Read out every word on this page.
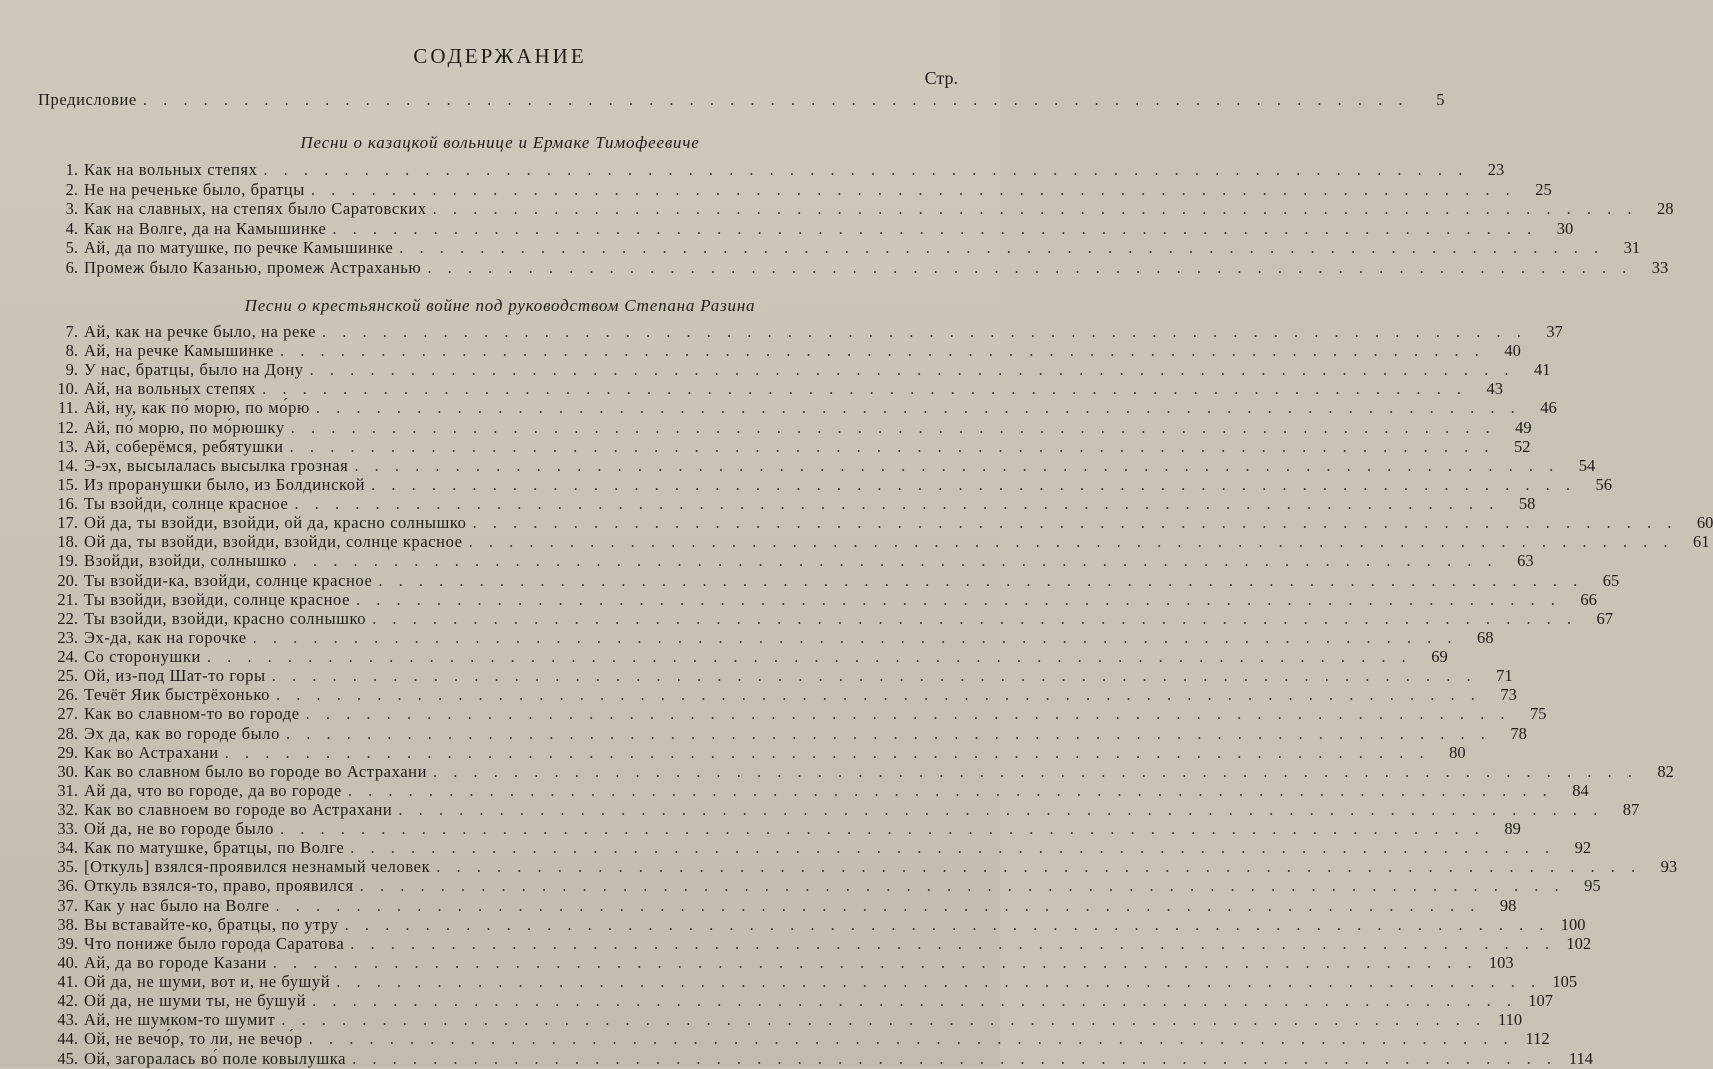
СОДЕРЖАНИЕ
Стр.
Предисловие . . . . . . . . . . . . . . . . . . . . . . . . . . . . . . . . . . . . . . . . . . . . . . . . . . . . . . . . . . . . . . .	5
Песни о казацкой вольнице и Ермаке Тимофеевиче
1. Как на вольных степях . . . . . . . . . . . . . . . . . . . . . . . . . . . . . . . . . . . . . . . . . . . . . . . . . . . . . . . . . . . .	23
2. Не на реченьке было, братцы . . . . . . . . . . . . . . . . . . . . . . . . . . . . . . . . . . . . . . . . . . . . . . . . . . . . . . . . . . . .	25
3. Как на славных, на степях было Саратовских . . . . . . . . . . . . . . . . . . . . . . . . . . . . . . . . . . . . . . . . . . . . . . . . . . . . . . . . . . . .	28
4. Как на Волге, да на Камышинке . . . . . . . . . . . . . . . . . . . . . . . . . . . . . . . . . . . . . . . . . . . . . . . . . . . . . . . . . . . .	30
5. Ай, да по матушке, по речке Камышинке . . . . . . . . . . . . . . . . . . . . . . . . . . . . . . . . . . . . . . . . . . . . . . . . . . . . . . . . . . . .	31
6. Промеж было Казанью, промеж Астраханью . . . . . . . . . . . . . . . . . . . . . . . . . . . . . . . . . . . . . . . . . . . . . . . . . . . . . . . . . . . .	33
Песни о крестьянской войне под руководством Степана Разина
7. Ай, как на речке было, на реке . . . . . . . . . . . . . . . . . . . . . . . . . . . . . . . . . . . . . . . . . . . . . . . . . . . . . . . . . . . .	37
8. Ай, на речке Камышинке . . . . . . . . . . . . . . . . . . . . . . . . . . . . . . . . . . . . . . . . . . . . . . . . . . . . . . . . . . . .	40
9. У нас, братцы, было на Дону . . . . . . . . . . . . . . . . . . . . . . . . . . . . . . . . . . . . . . . . . . . . . . . . . . . . . . . . . . . .	41
10. Ай, на вольных степях . . . . . . . . . . . . . . . . . . . . . . . . . . . . . . . . . . . . . . . . . . . . . . . . . . . . . . . . . . . .	43
11. Ай, ну, как по́ морю, по мо́рю . . . . . . . . . . . . . . . . . . . . . . . . . . . . . . . . . . . . . . . . . . . . . . . . . . . . . . . . . . . .	46
12. Ай, по́ морю, по мо́рюшку . . . . . . . . . . . . . . . . . . . . . . . . . . . . . . . . . . . . . . . . . . . . . . . . . . . . . . . . . . . .	49
13. Ай, соберёмся, ребятушки . . . . . . . . . . . . . . . . . . . . . . . . . . . . . . . . . . . . . . . . . . . . . . . . . . . . . . . . . . . .	52
14. Э-эх, высылалась высылка грозная . . . . . . . . . . . . . . . . . . . . . . . . . . . . . . . . . . . . . . . . . . . . . . . . . . . . . . . . . . . .	54
15. Из проранушки было, из Болдинской . . . . . . . . . . . . . . . . . . . . . . . . . . . . . . . . . . . . . . . . . . . . . . . . . . . . . . . . . . . .	56
16. Ты взойди, солнце красное . . . . . . . . . . . . . . . . . . . . . . . . . . . . . . . . . . . . . . . . . . . . . . . . . . . . . . . . . . . .	58
17. Ой да, ты взойди, взойди, ой да, красно солнышко . . . . . . . . . . . . . . . . . . . . . . . . . . . . . . . . . . . . . . . . . . . . . . . . . . . . . . . . . . . .	60
18. Ой да, ты взойди, взойди, взойди, солнце красное . . . . . . . . . . . . . . . . . . . . . . . . . . . . . . . . . . . . . . . . . . . . . . . . . . . . . . . . . . . .	61
19. Взойди, взойди, солнышко . . . . . . . . . . . . . . . . . . . . . . . . . . . . . . . . . . . . . . . . . . . . . . . . . . . . . . . . . . . .	63
20. Ты взойди-ка, взойди, солнце красное . . . . . . . . . . . . . . . . . . . . . . . . . . . . . . . . . . . . . . . . . . . . . . . . . . . . . . . . . . . .	65
21. Ты взойди, взойди, солнце красное . . . . . . . . . . . . . . . . . . . . . . . . . . . . . . . . . . . . . . . . . . . . . . . . . . . . . . . . . . . .	66
22. Ты взойди, взойди, красно солнышко . . . . . . . . . . . . . . . . . . . . . . . . . . . . . . . . . . . . . . . . . . . . . . . . . . . . . . . . . . . .	67
23. Эх-да, как на горочке . . . . . . . . . . . . . . . . . . . . . . . . . . . . . . . . . . . . . . . . . . . . . . . . . . . . . . . . . . . .	68
24. Со сторонушки . . . . . . . . . . . . . . . . . . . . . . . . . . . . . . . . . . . . . . . . . . . . . . . . . . . . . . . . . . . .	69
25. Ой, из-под Шат-то горы . . . . . . . . . . . . . . . . . . . . . . . . . . . . . . . . . . . . . . . . . . . . . . . . . . . . . . . . . . . .	71
26. Течёт Яик быстрёхонько . . . . . . . . . . . . . . . . . . . . . . . . . . . . . . . . . . . . . . . . . . . . . . . . . . . . . . . . . . . .	73
27. Как во славном-то во городе . . . . . . . . . . . . . . . . . . . . . . . . . . . . . . . . . . . . . . . . . . . . . . . . . . . . . . . . . . . .	75
28. Эх да, как во городе было . . . . . . . . . . . . . . . . . . . . . . . . . . . . . . . . . . . . . . . . . . . . . . . . . . . . . . . . . . . .	78
29. Как во Астрахани . . . . . . . . . . . . . . . . . . . . . . . . . . . . . . . . . . . . . . . . . . . . . . . . . . . . . . . . . . . .	80
30. Как во славном было во городе во Астрахани . . . . . . . . . . . . . . . . . . . . . . . . . . . . . . . . . . . . . . . . . . . . . . . . . . . . . . . . . . . .	82
31. Ай да, что во городе, да во городе . . . . . . . . . . . . . . . . . . . . . . . . . . . . . . . . . . . . . . . . . . . . . . . . . . . . . . . . . . . .	84
32. Как во славноем во городе во Астрахани . . . . . . . . . . . . . . . . . . . . . . . . . . . . . . . . . . . . . . . . . . . . . . . . . . . . . . . . . . . .	87
33. Ой да, не во городе было . . . . . . . . . . . . . . . . . . . . . . . . . . . . . . . . . . . . . . . . . . . . . . . . . . . . . . . . . . . .	89
34. Как по матушке, братцы, по Волге . . . . . . . . . . . . . . . . . . . . . . . . . . . . . . . . . . . . . . . . . . . . . . . . . . . . . . . . . . . .	92
35. [Откуль] взялся-проявился незнамый человек . . . . . . . . . . . . . . . . . . . . . . . . . . . . . . . . . . . . . . . . . . . . . . . . . . . . . . . . . . . .	93
36. Откуль взялся-то, право, проявился . . . . . . . . . . . . . . . . . . . . . . . . . . . . . . . . . . . . . . . . . . . . . . . . . . . . . . . . . . . .	95
37. Как у нас было на Волге . . . . . . . . . . . . . . . . . . . . . . . . . . . . . . . . . . . . . . . . . . . . . . . . . . . . . . . . . . . .	98
38. Вы вставайте-ко, братцы, по утру . . . . . . . . . . . . . . . . . . . . . . . . . . . . . . . . . . . . . . . . . . . . . . . . . . . . . . . . . . . . 100
39. Что пониже было города Саратова . . . . . . . . . . . . . . . . . . . . . . . . . . . . . . . . . . . . . . . . . . . . . . . . . . . . . . . . . . . . 102
40. Ай, да во городе Казани . . . . . . . . . . . . . . . . . . . . . . . . . . . . . . . . . . . . . . . . . . . . . . . . . . . . . . . . . . . . 103
41. Ой да, не шуми, вот и, не бушуй . . . . . . . . . . . . . . . . . . . . . . . . . . . . . . . . . . . . . . . . . . . . . . . . . . . . . . . . . . . . 105
42. Ой да, не шуми ты, не бушуй . . . . . . . . . . . . . . . . . . . . . . . . . . . . . . . . . . . . . . . . . . . . . . . . . . . . . . . . . . . . 107
43. Ай, не шумком-то шумит . . . . . . . . . . . . . . . . . . . . . . . . . . . . . . . . . . . . . . . . . . . . . . . . . . . . . . . . . . . . 110
44. Ой, не вечо́р, то ли, не вечо́р . . . . . . . . . . . . . . . . . . . . . . . . . . . . . . . . . . . . . . . . . . . . . . . . . . . . . . . . . . . . 112
45. Ой, загоралась во́ поле ковылушка . . . . . . . . . . . . . . . . . . . . . . . . . . . . . . . . . . . . . . . . . . . . . . . . . . . . . . . . . . . . 114
